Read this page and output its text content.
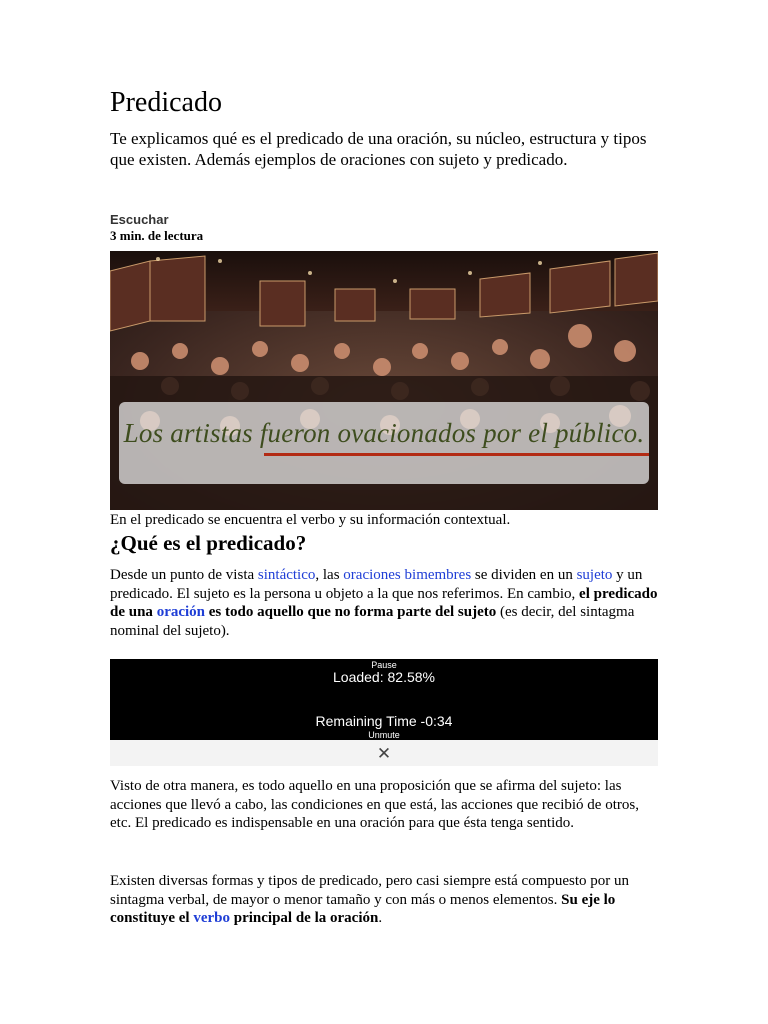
Predicado

Te explicamos qué es el predicado de una oración, su núcleo, estructura y tipos que existen. Además ejemplos de oraciones con sujeto y predicado.

Escuchar
3 min. de lectura
Los artistas fueron ovacionados por el público.
En el predicado se encuentra el verbo y su información contextual.
¿Qué es el predicado?

Desde un punto de vista sintáctico, las oraciones bimembres se dividen en un sujeto y un predicado. El sujeto es la persona u objeto a la que nos referimos. En cambio, el predicado de una oración es todo aquello que no forma parte del sujeto (es decir, del sintagma nominal del sujeto).

Pause
Loaded: 82.58%
Remaining Time -0:34
Unmute
✕

Visto de otra manera, es todo aquello en una proposición que se afirma del sujeto: las acciones que llevó a cabo, las condiciones en que está, las acciones que recibió de otros, etc. El predicado es indispensable en una oración para que ésta tenga sentido.

Existen diversas formas y tipos de predicado, pero casi siempre está compuesto por un sintagma verbal, de mayor o menor tamaño y con más o menos elementos. Su eje lo constituye el verbo principal de la oración.
